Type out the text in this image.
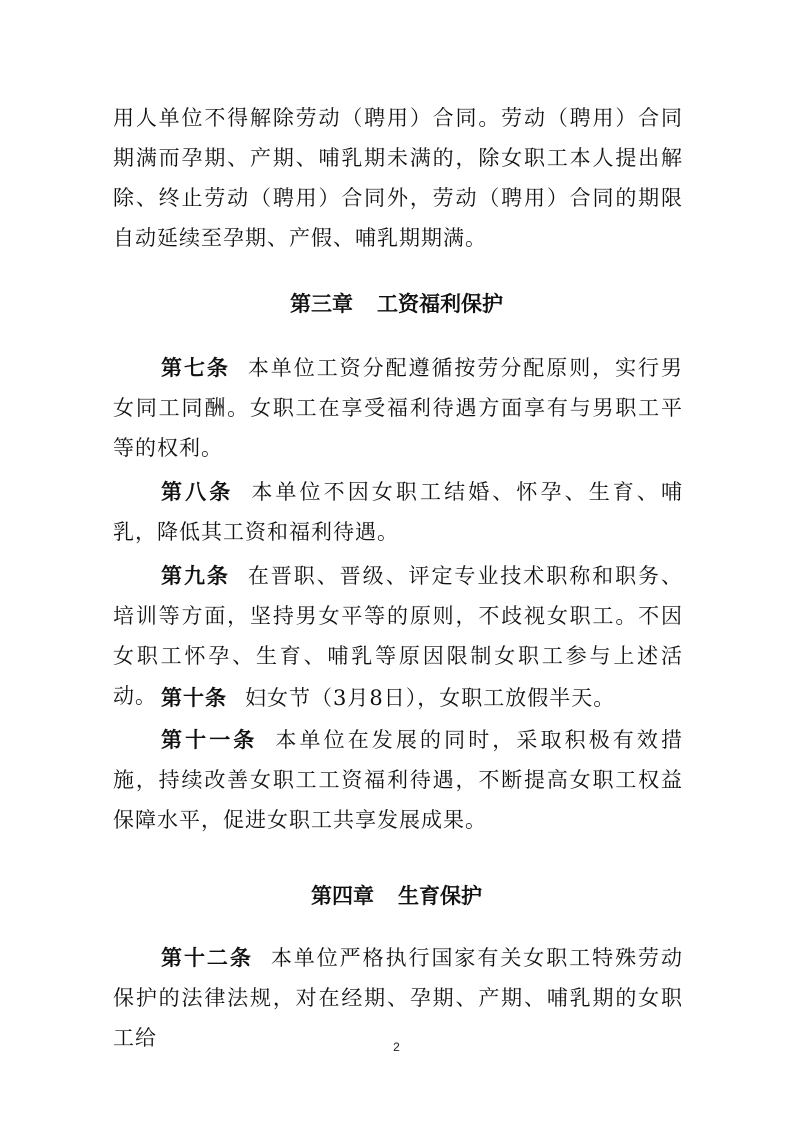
用人单位不得解除劳动（聘用）合同。劳动（聘用）合同期满而孕期、产期、哺乳期未满的，除女职工本人提出解除、终止劳动（聘用）合同外，劳动（聘用）合同的期限自动延续至孕期、产假、哺乳期期满。

第三章 工资福利保护

第七条 本单位工资分配遵循按劳分配原则，实行男女同工同酬。女职工在享受福利待遇方面享有与男职工平等的权利。

第八条 本单位不因女职工结婚、怀孕、生育、哺乳，降低其工资和福利待遇。

第九条 在晋职、晋级、评定专业技术职称和职务、培训等方面，坚持男女平等的原则，不歧视女职工。不因女职工怀孕、生育、哺乳等原因限制女职工参与上述活动。 第十条 妇女节（3月8日），女职工放假半天。

第十一条 本单位在发展的同时，采取积极有效措施，持续改善女职工工资福利待遇，不断提高女职工权益保障水平，促进女职工共享发展成果。

第四章 生育保护

第十二条 本单位严格执行国家有关女职工特殊劳动保护的法律法规，对在经期、孕期、产期、哺乳期的女职工给	2
